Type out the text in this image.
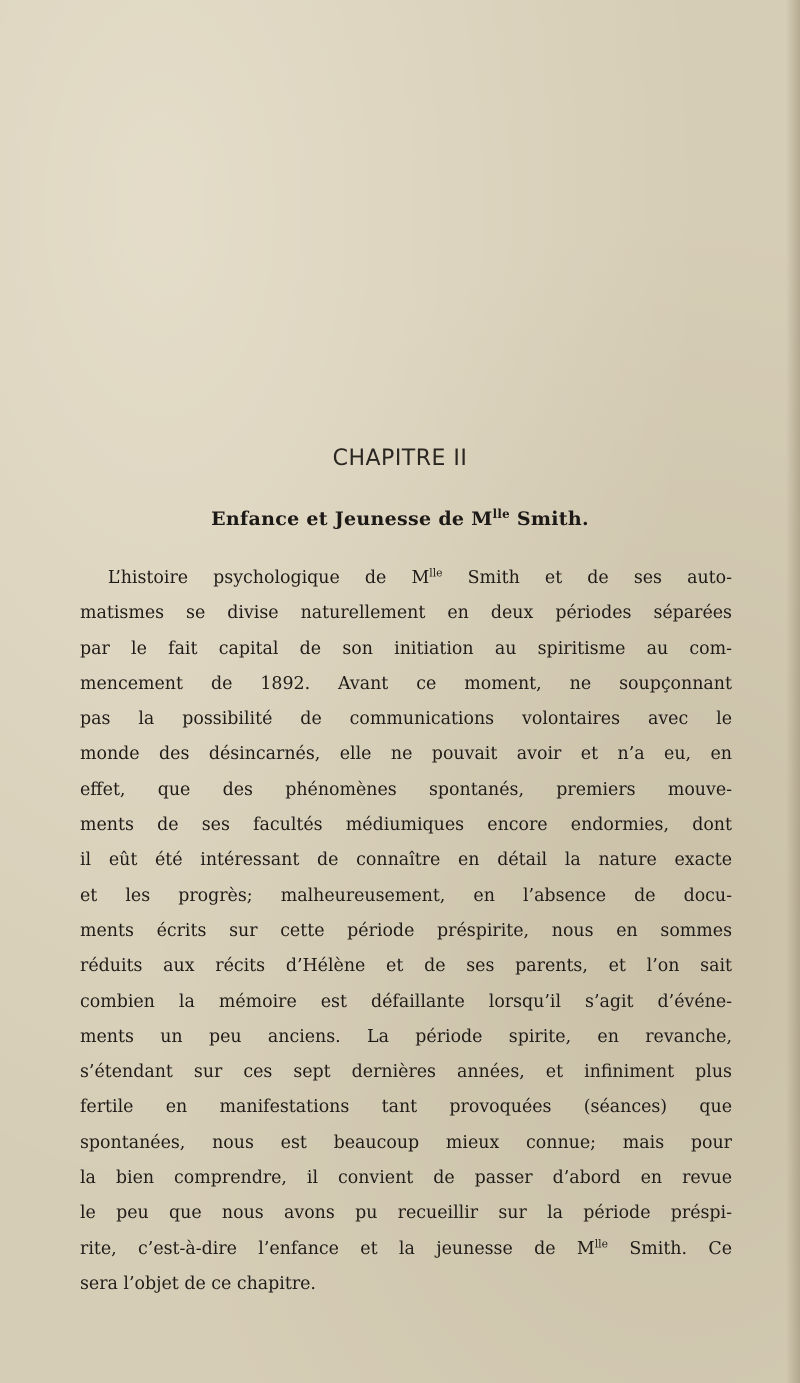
CHAPITRE II
Enfance et Jeunesse de $M^{lle}$ Smith.
L’histoire psychologique de $M^{lle}$ Smith et de ses auto-
matismes se divise naturellement en deux périodes séparées
par le fait capital de son initiation au spiritisme au com-
mencement de 1892. Avant ce moment, ne soupçonnant
pas la possibilité de communications volontaires avec le
monde des désincarnés, elle ne pouvait avoir et n’a eu, en
effet, que des phénomènes spontanés, premiers mouve-
ments de ses facultés médiumiques encore endormies, dont
il eût été intéressant de connaître en détail la nature exacte
et les progrès; malheureusement, en l’absence de docu-
ments écrits sur cette période préspirite, nous en sommes
réduits aux récits d’Hélène et de ses parents, et l’on sait
combien la mémoire est défaillante lorsqu’il s’agit d’événe-
ments un peu anciens. La période spirite, en revanche,
s’étendant sur ces sept dernières années, et infiniment plus
fertile en manifestations tant provoquées (séances) que
spontanées, nous est beaucoup mieux connue; mais pour
la bien comprendre, il convient de passer d’abord en revue
le peu que nous avons pu recueillir sur la période préspi-
rite, c’est-à-dire l’enfance et la jeunesse de $M^{lle}$ Smith. Ce
sera l’objet de ce chapitre.
